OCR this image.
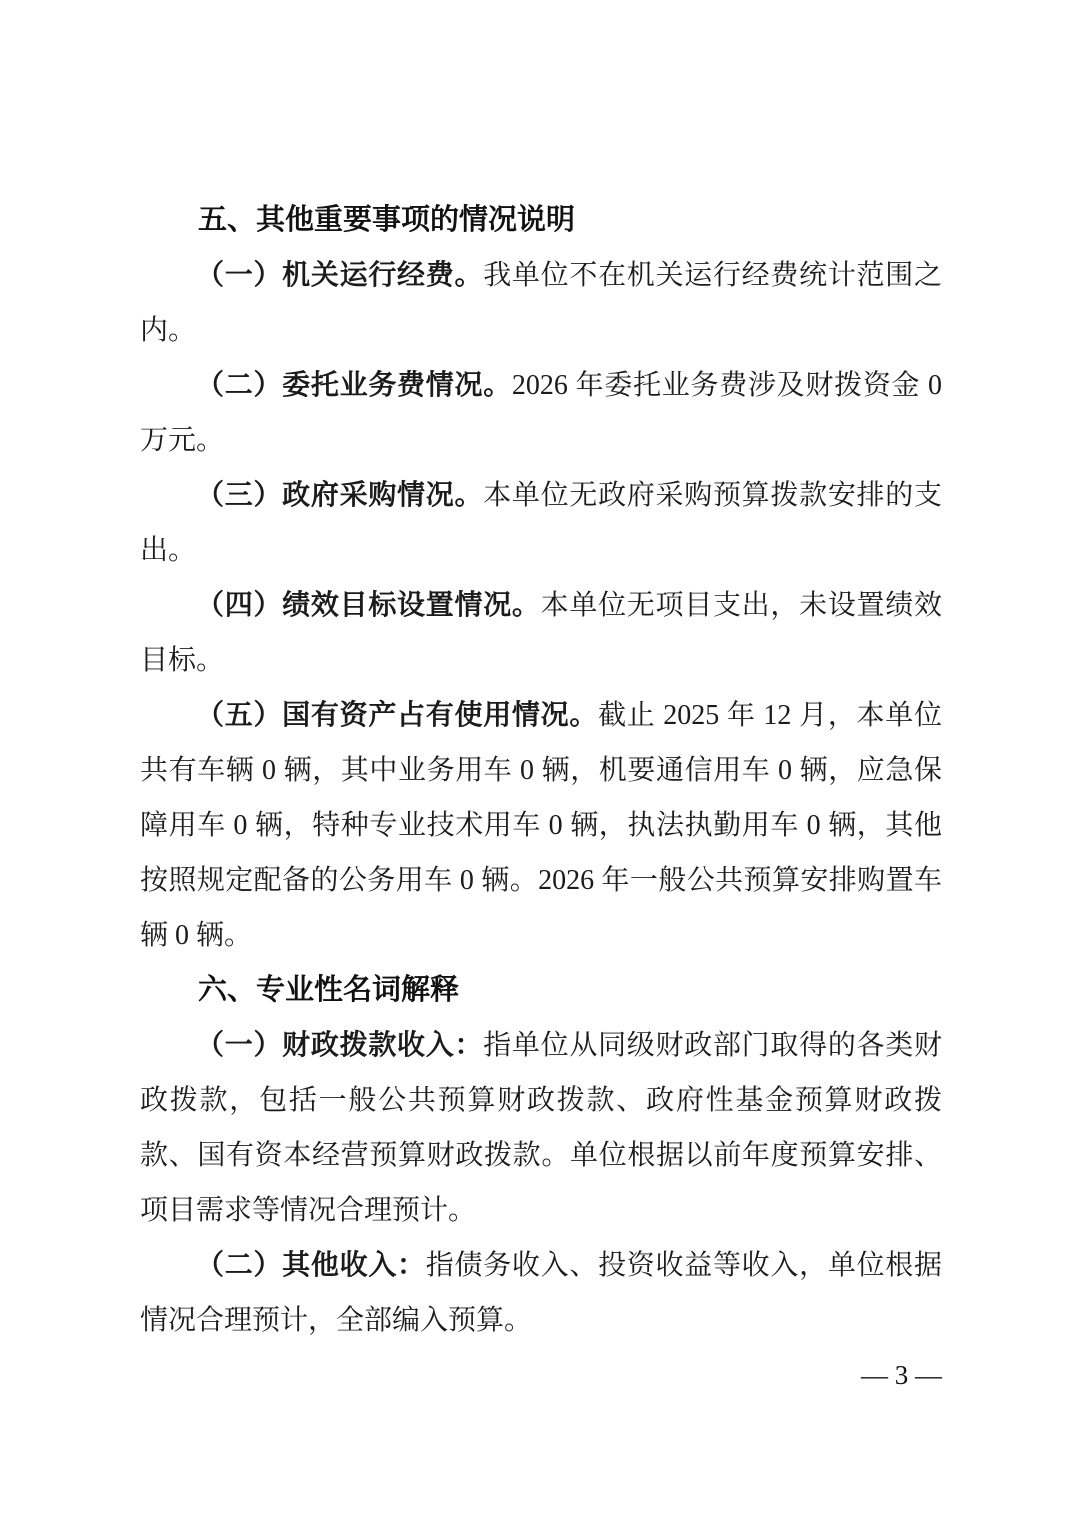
五、其他重要事项的情况说明

（一）机关运行经费。我单位不在机关运行经费统计范围之内。

（二）委托业务费情况。2026 年委托业务费涉及财拨资金 0 万元。

（三）政府采购情况。本单位无政府采购预算拨款安排的支出。

（四）绩效目标设置情况。本单位无项目支出，未设置绩效目标。

（五）国有资产占有使用情况。截止 2025 年 12 月，本单位共有车辆 0 辆，其中业务用车 0 辆，机要通信用车 0 辆，应急保障用车 0 辆，特种专业技术用车 0 辆，执法执勤用车 0 辆，其他按照规定配备的公务用车 0 辆。2026 年一般公共预算安排购置车辆 0 辆。

六、专业性名词解释

（一）财政拨款收入：指单位从同级财政部门取得的各类财政拨款，包括一般公共预算财政拨款、政府性基金预算财政拨款、国有资本经营预算财政拨款。单位根据以前年度预算安排、项目需求等情况合理预计。

（二）其他收入：指债务收入、投资收益等收入，单位根据情况合理预计，全部编入预算。

— 3 —
